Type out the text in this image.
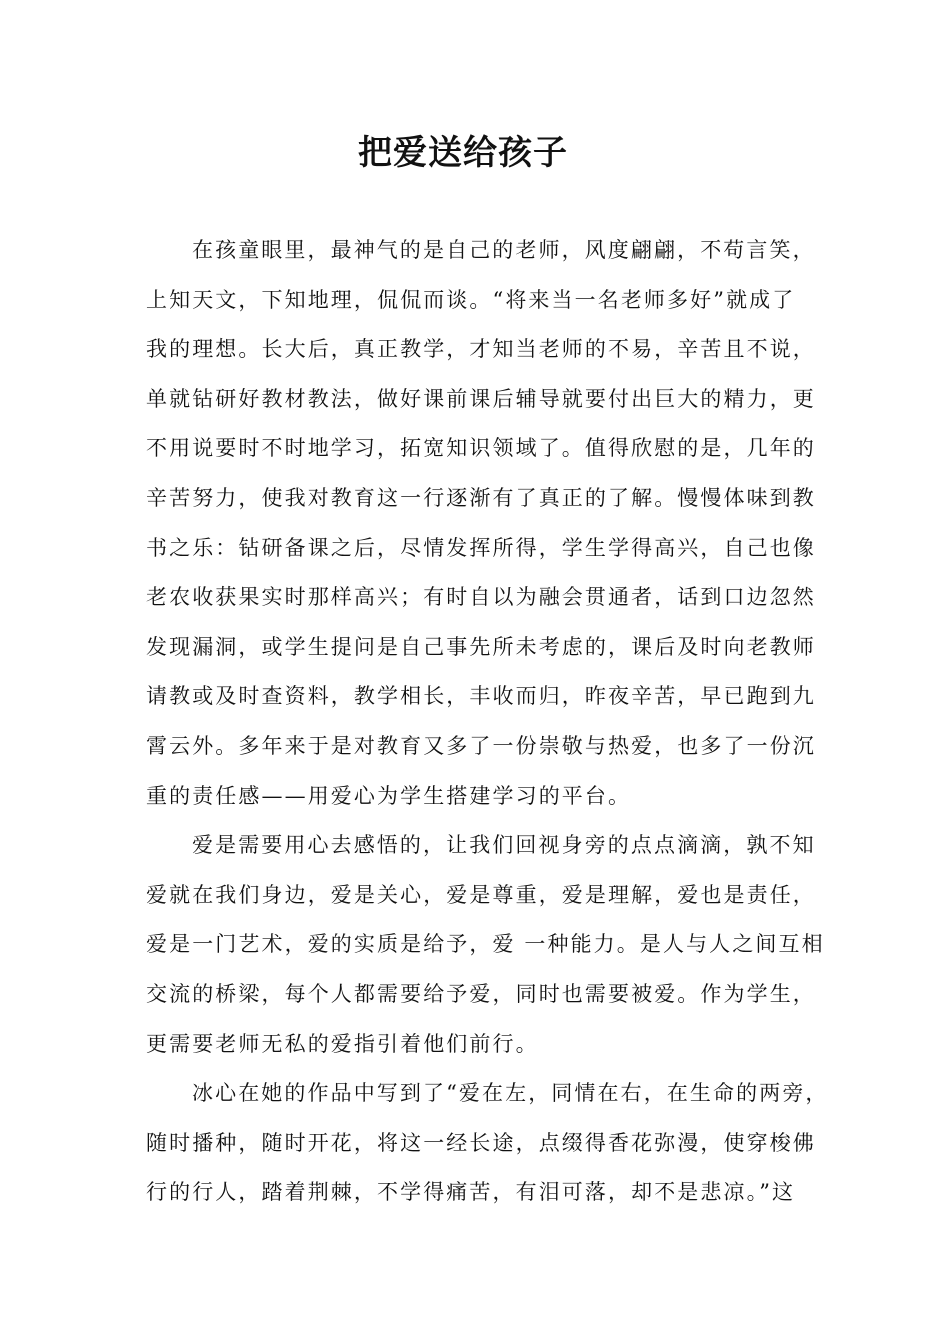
把爱送给孩子
在孩童眼里，最神气的是自己的老师，风度翩翩，不苟言笑，
上知天文，下知地理，侃侃而谈。“将来当一名老师多好”就成了
我的理想。长大后，真正教学，才知当老师的不易，辛苦且不说，
单就钻研好教材教法，做好课前课后辅导就要付出巨大的精力，更
不用说要时不时地学习，拓宽知识领域了。值得欣慰的是，几年的
辛苦努力，使我对教育这一行逐渐有了真正的了解。慢慢体味到教
书之乐：钻研备课之后，尽情发挥所得，学生学得高兴，自己也像
老农收获果实时那样高兴；有时自以为融会贯通者，话到口边忽然
发现漏洞，或学生提问是自己事先所未考虑的，课后及时向老教师
请教或及时查资料，教学相长，丰收而归，昨夜辛苦，早已跑到九
霄云外。多年来于是对教育又多了一份崇敬与热爱，也多了一份沉
重的责任感——用爱心为学生搭建学习的平台。
爱是需要用心去感悟的，让我们回视身旁的点点滴滴，孰不知
爱就在我们身边，爱是关心，爱是尊重，爱是理解，爱也是责任，
爱是一门艺术，爱的实质是给予，爱 一种能力。是人与人之间互相
交流的桥梁，每个人都需要给予爱，同时也需要被爱。作为学生，
更需要老师无私的爱指引着他们前行。
冰心在她的作品中写到了“爱在左，同情在右，在生命的两旁，
随时播种，随时开花，将这一经长途，点缀得香花弥漫，使穿梭佛
行的行人，踏着荆棘，不学得痛苦，有泪可落，却不是悲凉。”这
